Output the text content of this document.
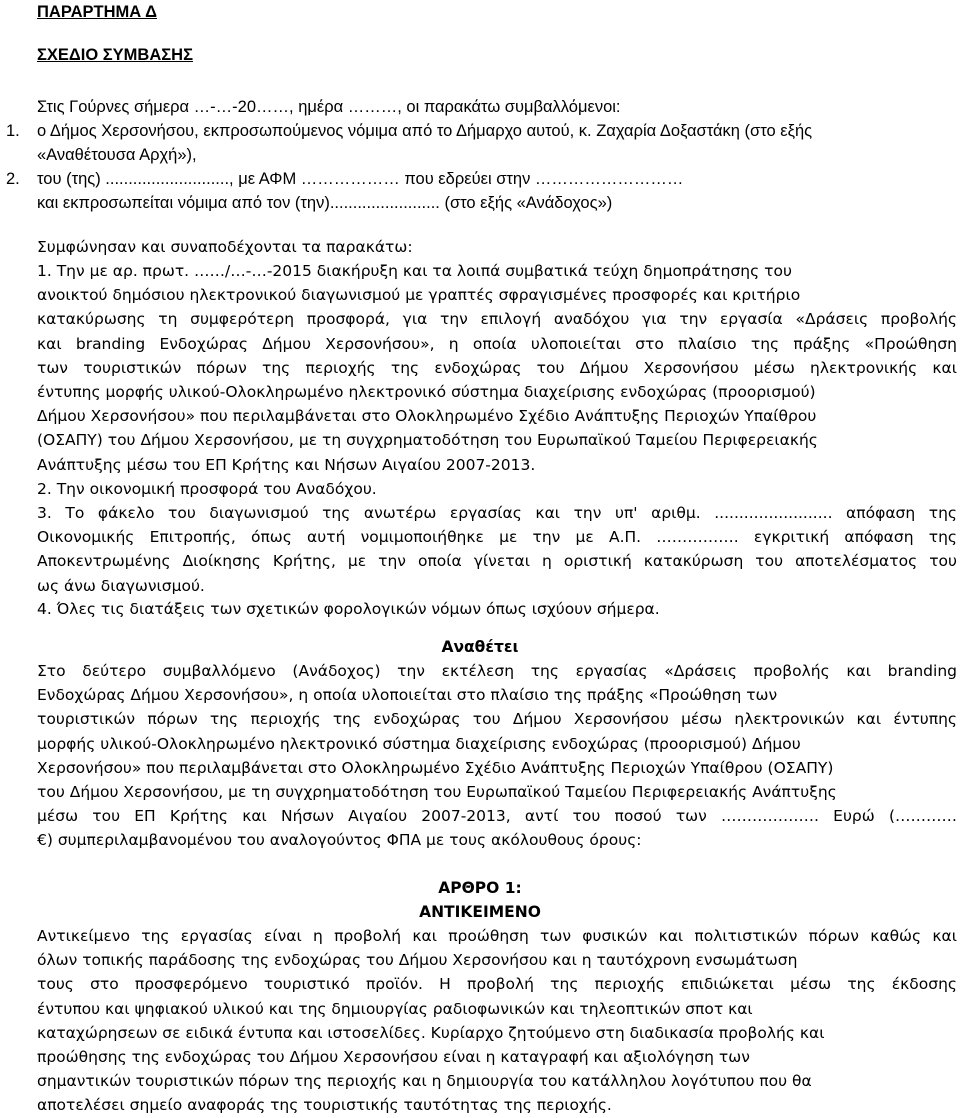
ΠΑΡΑΡΤΗΜΑ Δ
ΣΧΕΔΙΟ ΣΥΜΒΑΣΗΣ
Στις Γούρνες σήμερα …-…-20……, ημέρα ………, οι παρακάτω συμβαλλόμενοι:
1. ο Δήμος Χερσονήσου, εκπροσωπούμενος νόμιμα από το Δήμαρχο αυτού, κ. Ζαχαρία Δοξαστάκη (στο εξής
«Αναθέτουσα Αρχή»),
2. του (της) ..........................., με ΑΦΜ ……………… που εδρεύει στην ………………………
και εκπροσωπείται νόμιμα από τον (την)........................ (στο εξής «Ανάδοχος»)
Συμφώνησαν και συναποδέχονται τα παρακάτω:
1. Την με αρ. πρωτ. ……/…-…-2015 διακήρυξη και τα λοιπά συμβατικά τεύχη δημοπράτησης του
ανοικτού δημόσιου ηλεκτρονικού διαγωνισμού με γραπτές σφραγισμένες προσφορές και κριτήριο
κατακύρωσης τη συμφερότερη προσφορά, για την επιλογή αναδόχου για την εργασία «Δράσεις προβολής
και branding Ενδοχώρας Δήμου Χερσονήσου», η οποία υλοποιείται στο πλαίσιο της πράξης «Προώθηση
των τουριστικών πόρων της περιοχής της ενδοχώρας του Δήμου Χερσονήσου μέσω ηλεκτρονικής και
έντυπης μορφής υλικού-Ολοκληρωμένο ηλεκτρονικό σύστημα διαχείρισης ενδοχώρας (προορισμού)
Δήμου Χερσονήσου» που περιλαμβάνεται στο Ολοκληρωμένο Σχέδιο Ανάπτυξης Περιοχών Υπαίθρου
(ΟΣΑΠΥ) του Δήμου Χερσονήσου, με τη συγχρηματοδότηση του Ευρωπαϊκού Ταμείου Περιφερειακής
Ανάπτυξης μέσω του ΕΠ Κρήτης και Νήσων Αιγαίου 2007-2013.
2. Την οικονομική προσφορά του Αναδόχου.
3. Το φάκελο του διαγωνισμού της ανωτέρω εργασίας και την υπ' αριθμ. ........................ απόφαση της
Οικονομικής Επιτροπής, όπως αυτή νομιμοποιήθηκε με την με Α.Π. ……………. εγκριτική απόφαση της
Αποκεντρωμένης Διοίκησης Κρήτης, με την οποία γίνεται η οριστική κατακύρωση του αποτελέσματος του
ως άνω διαγωνισμού.
4. Όλες τις διατάξεις των σχετικών φορολογικών νόμων όπως ισχύουν σήμερα.
Αναθέτει
Στο δεύτερο συμβαλλόμενο (Ανάδοχος) την εκτέλεση της εργασίας «Δράσεις προβολής και branding
Ενδοχώρας Δήμου Χερσονήσου», η οποία υλοποιείται στο πλαίσιο της πράξης «Προώθηση των
τουριστικών πόρων της περιοχής της ενδοχώρας του Δήμου Χερσονήσου μέσω ηλεκτρονικών και έντυπης
μορφής υλικού-Ολοκληρωμένο ηλεκτρονικό σύστημα διαχείρισης ενδοχώρας (προορισμού) Δήμου
Χερσονήσου» που περιλαμβάνεται στο Ολοκληρωμένο Σχέδιο Ανάπτυξης Περιοχών Υπαίθρου (ΟΣΑΠΥ)
του Δήμου Χερσονήσου, με τη συγχρηματοδότηση του Ευρωπαϊκού Ταμείου Περιφερειακής Ανάπτυξης
μέσω του ΕΠ Κρήτης και Νήσων Αιγαίου 2007-2013, αντί του ποσού των ………………. Ευρώ (…………
€) συμπεριλαμβανομένου του αναλογούντος ΦΠΑ με τους ακόλουθους όρους:
ΑΡΘΡΟ 1:
ΑΝΤΙΚΕΙΜΕΝΟ
Αντικείμενο της εργασίας είναι η προβολή και προώθηση των φυσικών και πολιτιστικών πόρων καθώς και
όλων τοπικής παράδοσης της ενδοχώρας του Δήμου Χερσονήσου και η ταυτόχρονη ενσωμάτωση
τους στο προσφερόμενο τουριστικό προϊόν. Η προβολή της περιοχής επιδιώκεται μέσω της έκδοσης
έντυπου και ψηφιακού υλικού και της δημιουργίας ραδιοφωνικών και τηλεοπτικών σποτ και
καταχώρησεων σε ειδικά έντυπα και ιστοσελίδες. Κυρίαρχο ζητούμενο στη διαδικασία προβολής και
προώθησης της ενδοχώρας του Δήμου Χερσονήσου είναι η καταγραφή και αξιολόγηση των
σημαντικών τουριστικών πόρων της περιοχής και η δημιουργία του κατάλληλου λογότυπου που θα
αποτελέσει σημείο αναφοράς της τουριστικής ταυτότητας της περιοχής.
